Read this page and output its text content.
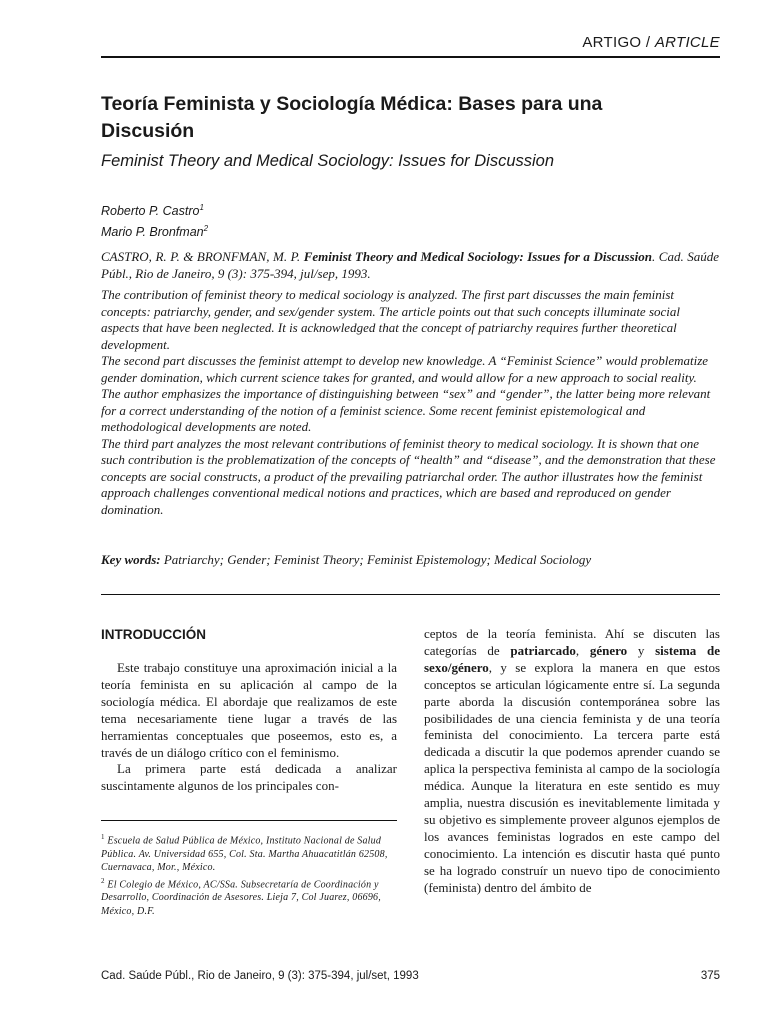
ARTIGO / ARTICLE
Teoría Feminista y Sociología Médica: Bases para una Discusión
Feminist Theory and Medical Sociology: Issues for Discussion
Roberto P. Castro$^1$
Mario P. Bronfman$^2$
CASTRO, R. P. & BRONFMAN, M. P. Feminist Theory and Medical Sociology: Issues for a Discussion. Cad. Saúde Públ., Rio de Janeiro, 9 (3): 375-394, jul/sep, 1993.

The contribution of feminist theory to medical sociology is analyzed. The first part discusses the main feminist concepts: patriarchy, gender, and sex/gender system. The article points out that such concepts illuminate social aspects that have been neglected. It is acknowledged that the concept of patriarchy requires further theoretical development.

The second part discusses the feminist attempt to develop new knowledge. A “Feminist Science” would problematize gender domination, which current science takes for granted, and would allow for a new approach to social reality. The author emphasizes the importance of distinguishing between “sex” and “gender”, the latter being more relevant for a correct understanding of the notion of a feminist science. Some recent feminist epistemological and methodological developments are noted.

The third part analyzes the most relevant contributions of feminist theory to medical sociology. It is shown that one such contribution is the problematization of the concepts of “health” and “disease”, and the demonstration that these concepts are social constructs, a product of the prevailing patriarchal order. The author illustrates how the feminist approach challenges conventional medical notions and practices, which are based and reproduced on gender domination.

Key words: Patriarchy; Gender; Feminist Theory; Feminist Epistemology; Medical Sociology
INTRODUCCIÓN

Este trabajo constituye una aproximación inicial a la teoría feminista en su aplicación al campo de la sociología médica. El abordaje que realizamos de este tema necesariamente tiene lugar a través de las herramientas conceptuales que poseemos, esto es, a través de un diálogo crítico con el feminismo.

La primera parte está dedicada a analizar suscintamente algunos de los principales con-

ceptos de la teoría feminista. Ahí se discuten las categorías de patriarcado, género y sistema de sexo/género, y se explora la manera en que estos conceptos se articulan lógicamente entre sí. La segunda parte aborda la discusión contemporánea sobre las posibilidades de una ciencia feminista y de una teoría feminista del conocimiento. La tercera parte está dedicada a discutir la que podemos aprender cuando se aplica la perspectiva feminista al campo de la sociología médica. Aunque la literatura en este sentido es muy amplia, nuestra discusión es inevitablemente limitada y su objetivo es simplemente proveer algunos ejemplos de los avances feministas logrados en este campo del conocimiento. La intención es discutir hasta qué punto se ha logrado construír un nuevo tipo de conocimiento (feminista) dentro del ámbito de

$^1$ Escuela de Salud Pública de México, Instituto Nacional de Salud Pública. Av. Universidad 655, Col. Sta. Martha Ahuacatitlán 62508, Cuernavaca, Mor., México.

$^2$ El Colegio de México, AC/SSa. Subsecretaría de Coordinación y Desarrollo, Coordinación de Asesores. Lieja 7, Col Juarez, 06696, México, D.F.

Cad. Saúde Públ., Rio de Janeiro, 9 (3): 375-394, jul/set, 1993	375
